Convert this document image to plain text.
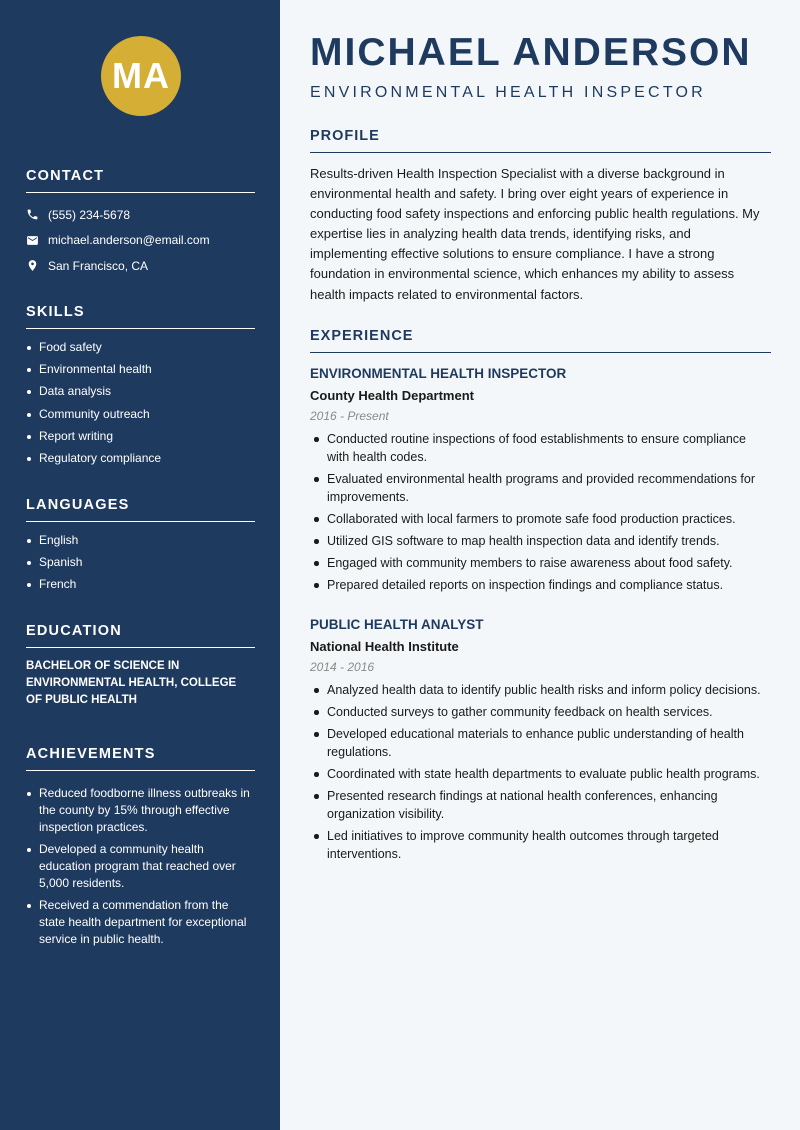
MA
CONTACT
(555) 234-5678
michael.anderson@email.com
San Francisco, CA
SKILLS
Food safety
Environmental health
Data analysis
Community outreach
Report writing
Regulatory compliance
LANGUAGES
English
Spanish
French
EDUCATION
BACHELOR OF SCIENCE IN ENVIRONMENTAL HEALTH, COLLEGE OF PUBLIC HEALTH
ACHIEVEMENTS
Reduced foodborne illness outbreaks in the county by 15% through effective inspection practices.
Developed a community health education program that reached over 5,000 residents.
Received a commendation from the state health department for exceptional service in public health.
MICHAEL ANDERSON
ENVIRONMENTAL HEALTH INSPECTOR
PROFILE

Results-driven Health Inspection Specialist with a diverse background in environmental health and safety. I bring over eight years of experience in conducting food safety inspections and enforcing public health regulations. My expertise lies in analyzing health data trends, identifying risks, and implementing effective solutions to ensure compliance. I have a strong foundation in environmental science, which enhances my ability to assess health impacts related to environmental factors.

EXPERIENCE
ENVIRONMENTAL HEALTH INSPECTOR
County Health Department
2016 - Present
Conducted routine inspections of food establishments to ensure compliance with health codes.
Evaluated environmental health programs and provided recommendations for improvements.
Collaborated with local farmers to promote safe food production practices.
Utilized GIS software to map health inspection data and identify trends.
Engaged with community members to raise awareness about food safety.
Prepared detailed reports on inspection findings and compliance status.
PUBLIC HEALTH ANALYST
National Health Institute
2014 - 2016
Analyzed health data to identify public health risks and inform policy decisions.
Conducted surveys to gather community feedback on health services.
Developed educational materials to enhance public understanding of health regulations.
Coordinated with state health departments to evaluate public health programs.
Presented research findings at national health conferences, enhancing organization visibility.
Led initiatives to improve community health outcomes through targeted interventions.
